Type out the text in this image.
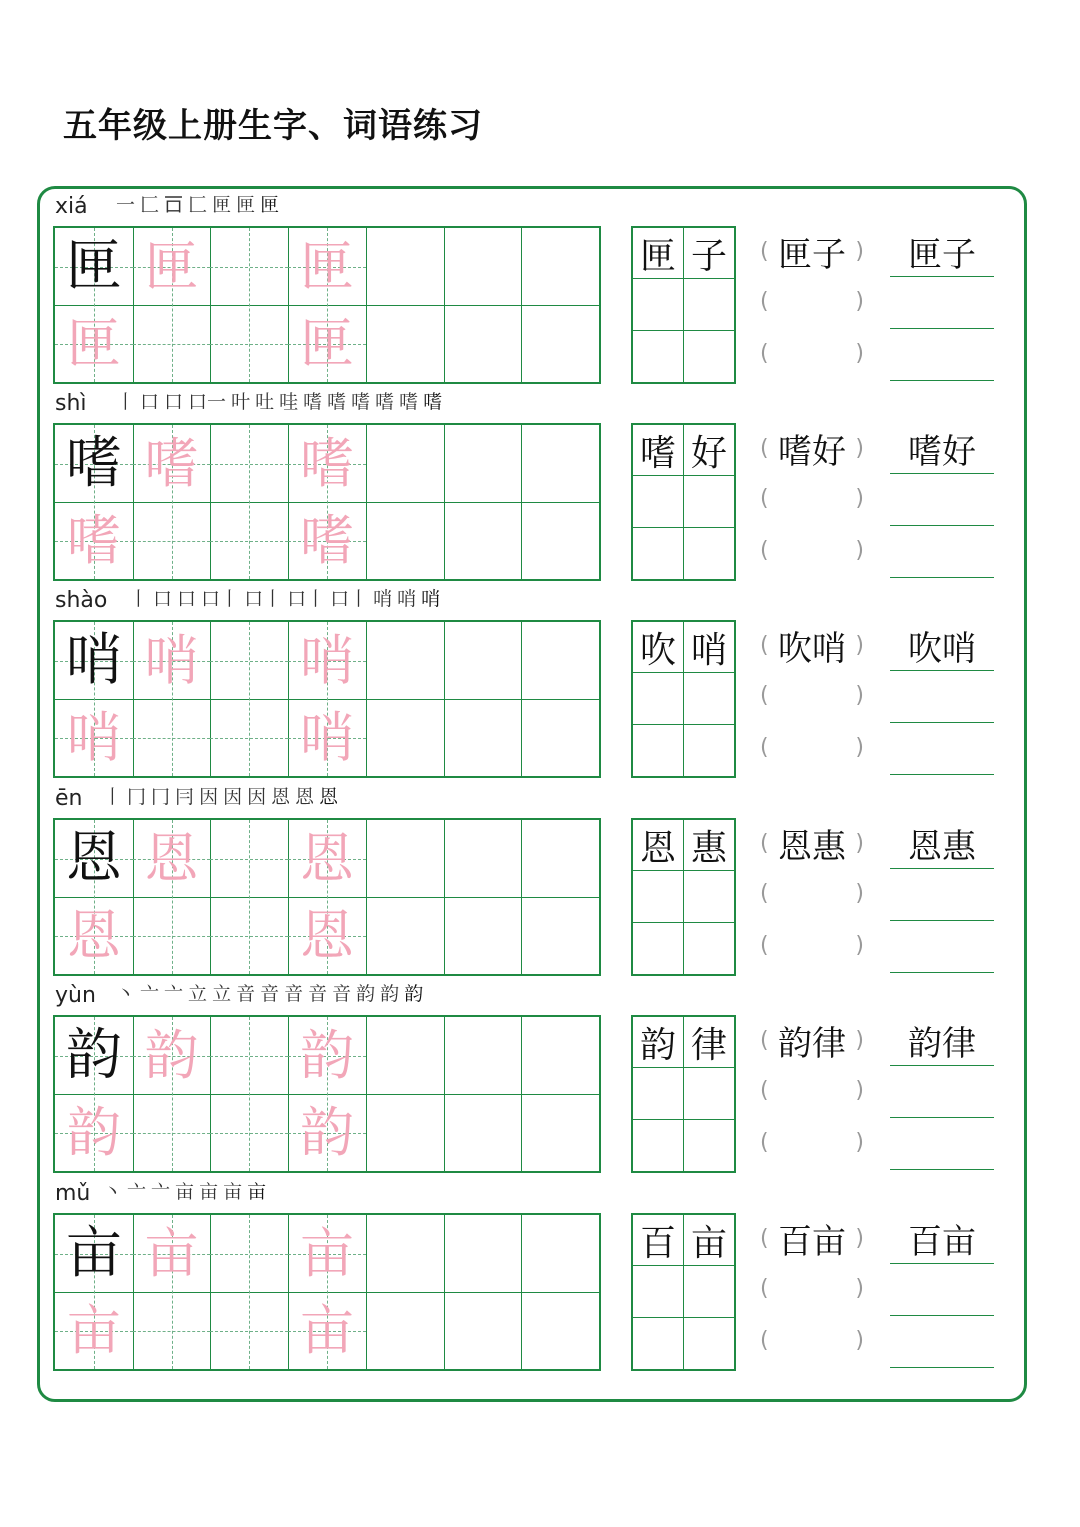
五年级上册生字、词语练习
xiá 一 匚 𠮛 匚 匣 匣 匣
匣 匣 匣
匣	匣
匣 子	( 匣子 )
(	)
(	)
匣子
shì 丨 口 口 口一 叶 吐 哇 嗜 嗜 嗜 嗜 嗜 嗜
嗜 嗜 嗜
嗜	嗜
嗜 好	( 嗜好 )
(	)
(	)
嗜好
shào 丨 口 口 口丨 口丨 口丨 口丨 哨 哨 哨
哨 哨 哨
哨	哨
吹 哨	( 吹哨 )
(	)
(	)
吹哨
ēn 丨 冂 冂 冃 因 因 因 恩 恩 恩
恩 恩 恩
恩	恩
恩 惠	( 恩惠 )
(	)
(	)
恩惠
yùn 丶 亠 亠 立 立 音 音 音 音 音 韵 韵 韵
韵 韵 韵
韵	韵
韵 律	( 韵律 )
(	)
(	)
韵律
mǔ 丶 亠 亠 亩 亩 亩 亩
亩 亩 亩
亩	亩
百 亩	( 百亩 )
(	)
(	)
百亩
